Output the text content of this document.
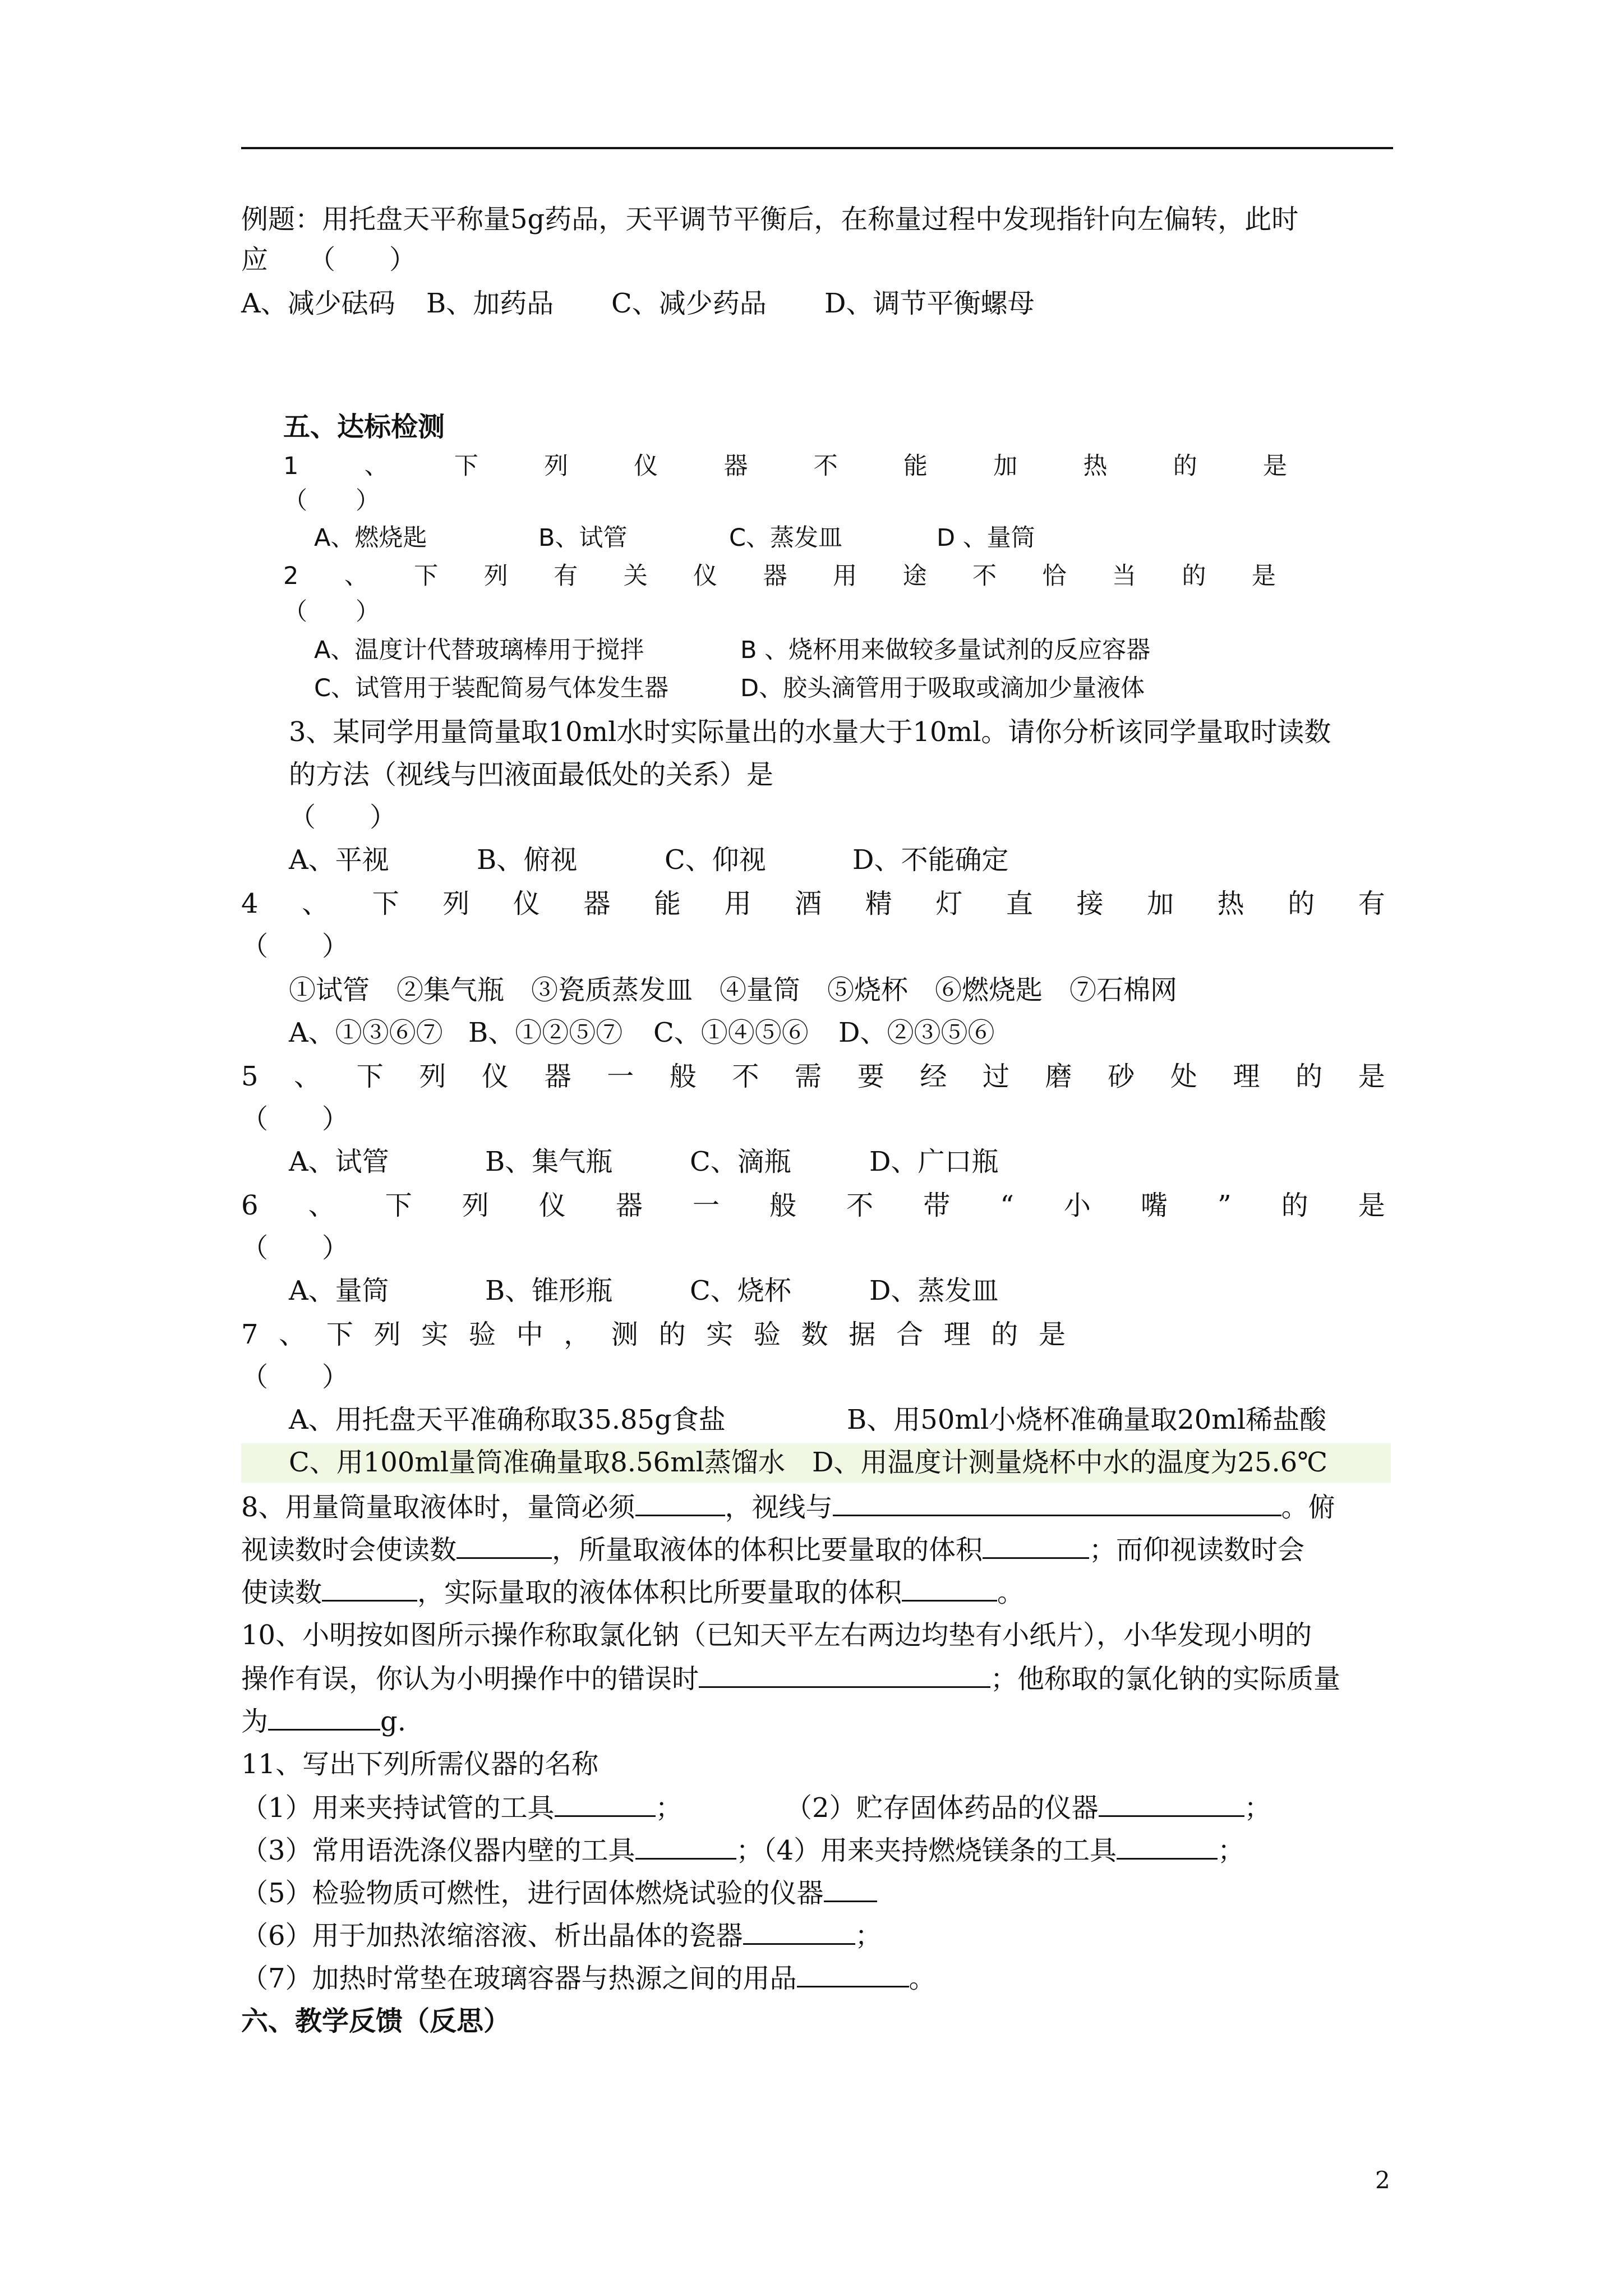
例题：用托盘天平称量5g药品，天平调节平衡后，在称量过程中发现指针向左偏转，此时
应　　（　　）
A、减少砝码 B、加药品 C、减少药品 D、调节平衡螺母
五、达标检测
1	、	下	列	仪	器	不	能	加	热	的	是
（　　）
A、燃烧匙	B、试管	C、蒸发皿	D 、量筒
2 、 下 列 有 关 仪 器 用 途 不 恰 当 的 是
（　　）
A、温度计代替玻璃棒用于搅拌	B 、烧杯用来做较多量试剂的反应容器
C、试管用于装配简易气体发生器	D、胶头滴管用于吸取或滴加少量液体
3、某同学用量筒量取10ml水时实际量出的水量大于10ml。请你分析该同学量取时读数
的方法（视线与凹液面最低处的关系）是
（　　）
A、平视	B、俯视	C、仰视	D、不能确定
4 、 下 列 仪 器 能 用 酒 精 灯 直 接 加 热 的 有
（　　）
①试管　②集气瓶　③瓷质蒸发皿　④量筒　⑤烧杯　⑥燃烧匙　⑦石棉网
A、①③⑥⑦ B、①②⑤⑦ C、①④⑤⑥ D、②③⑤⑥
5 、 下 列 仪 器 一 般 不 需 要 经 过 磨 砂 处 理 的 是
（　　）
A、试管	B、集气瓶	C、滴瓶	D、广口瓶
6 、 下 列 仪 器 一 般 不 带 “ 小 嘴 ” 的 是
（　　）
A、量筒	B、锥形瓶	C、烧杯	D、蒸发皿
7 、 下 列 实 验 中 ， 测 的 实 验 数 据 合 理 的 是
（　　）
A、用托盘天平准确称取35.85g食盐	B、用50ml小烧杯准确量取20ml稀盐酸
C、用100ml量筒准确量取8.56ml蒸馏水　D、用温度计测量烧杯中水的温度为25.6℃
8、用量筒量取液体时，量筒必须	，视线与	。俯
视读数时会使读数	，所量取液体的体积比要量取的体积	；而仰视读数时会
使读数	，实际量取的液体体积比所要量取的体积	。
10、小明按如图所示操作称取氯化钠（已知天平左右两边均垫有小纸片），小华发现小明的
操作有误，你认为小明操作中的错误时	；他称取的氯化钠的实际质量
为	g.
11、写出下列所需仪器的名称
（1）用来夹持试管的工具	；	（2）贮存固体药品的仪器	；
（3）常用语洗涤仪器内壁的工具	；（4）用来夹持燃烧镁条的工具	；
（5）检验物质可燃性，进行固体燃烧试验的仪器
（6）用于加热浓缩溶液、析出晶体的瓷器	；
（7）加热时常垫在玻璃容器与热源之间的用品	。
六、教学反馈（反思）
2
